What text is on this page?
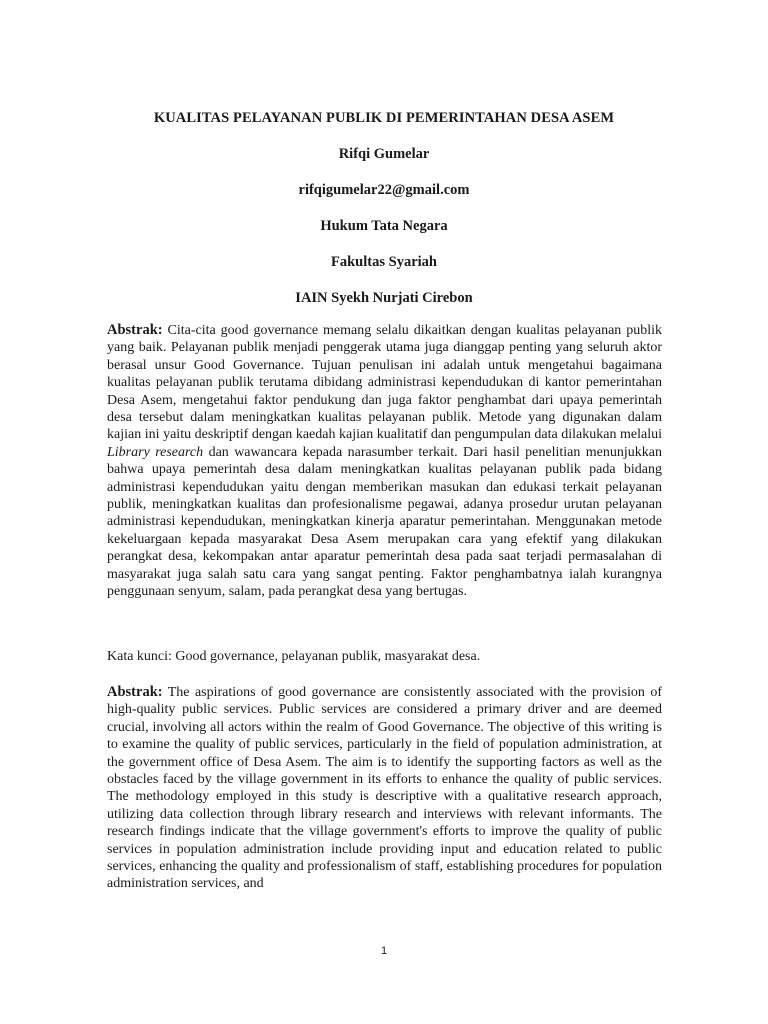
KUALITAS PELAYANAN PUBLIK DI PEMERINTAHAN DESA ASEM
Rifqi Gumelar
rifqigumelar22@gmail.com
Hukum Tata Negara
Fakultas Syariah
IAIN Syekh Nurjati Cirebon

Abstrak: Cita-cita good governance memang selalu dikaitkan dengan kualitas pelayanan publik yang baik. Pelayanan publik menjadi penggerak utama juga dianggap penting yang seluruh aktor berasal unsur Good Governance. Tujuan penulisan ini adalah untuk mengetahui bagaimana kualitas pelayanan publik terutama dibidang administrasi kependudukan di kantor pemerintahan Desa Asem, mengetahui faktor pendukung dan juga faktor penghambat dari upaya pemerintah desa tersebut dalam meningkatkan kualitas pelayanan publik. Metode yang digunakan dalam kajian ini yaitu deskriptif dengan kaedah kajian kualitatif dan pengumpulan data dilakukan melalui Library research dan wawancara kepada narasumber terkait. Dari hasil penelitian menunjukkan bahwa upaya pemerintah desa dalam meningkatkan kualitas pelayanan publik pada bidang administrasi kependudukan yaitu dengan memberikan masukan dan edukasi terkait pelayanan publik, meningkatkan kualitas dan profesionalisme pegawai, adanya prosedur urutan pelayanan administrasi kependudukan, meningkatkan kinerja aparatur pemerintahan. Menggunakan metode kekeluargaan kepada masyarakat Desa Asem merupakan cara yang efektif yang dilakukan perangkat desa, kekompakan antar aparatur pemerintah desa pada saat terjadi permasalahan di masyarakat juga salah satu cara yang sangat penting. Faktor penghambatnya ialah kurangnya penggunaan senyum, salam, pada perangkat desa yang bertugas.

Kata kunci: Good governance, pelayanan publik, masyarakat desa.

Abstrak: The aspirations of good governance are consistently associated with the provision of high-quality public services. Public services are considered a primary driver and are deemed crucial, involving all actors within the realm of Good Governance. The objective of this writing is to examine the quality of public services, particularly in the field of population administration, at the government office of Desa Asem. The aim is to identify the supporting factors as well as the obstacles faced by the village government in its efforts to enhance the quality of public services. The methodology employed in this study is descriptive with a qualitative research approach, utilizing data collection through library research and interviews with relevant informants. The research findings indicate that the village government's efforts to improve the quality of public services in population administration include providing input and education related to public services, enhancing the quality and professionalism of staff, establishing procedures for population administration services, and

1
